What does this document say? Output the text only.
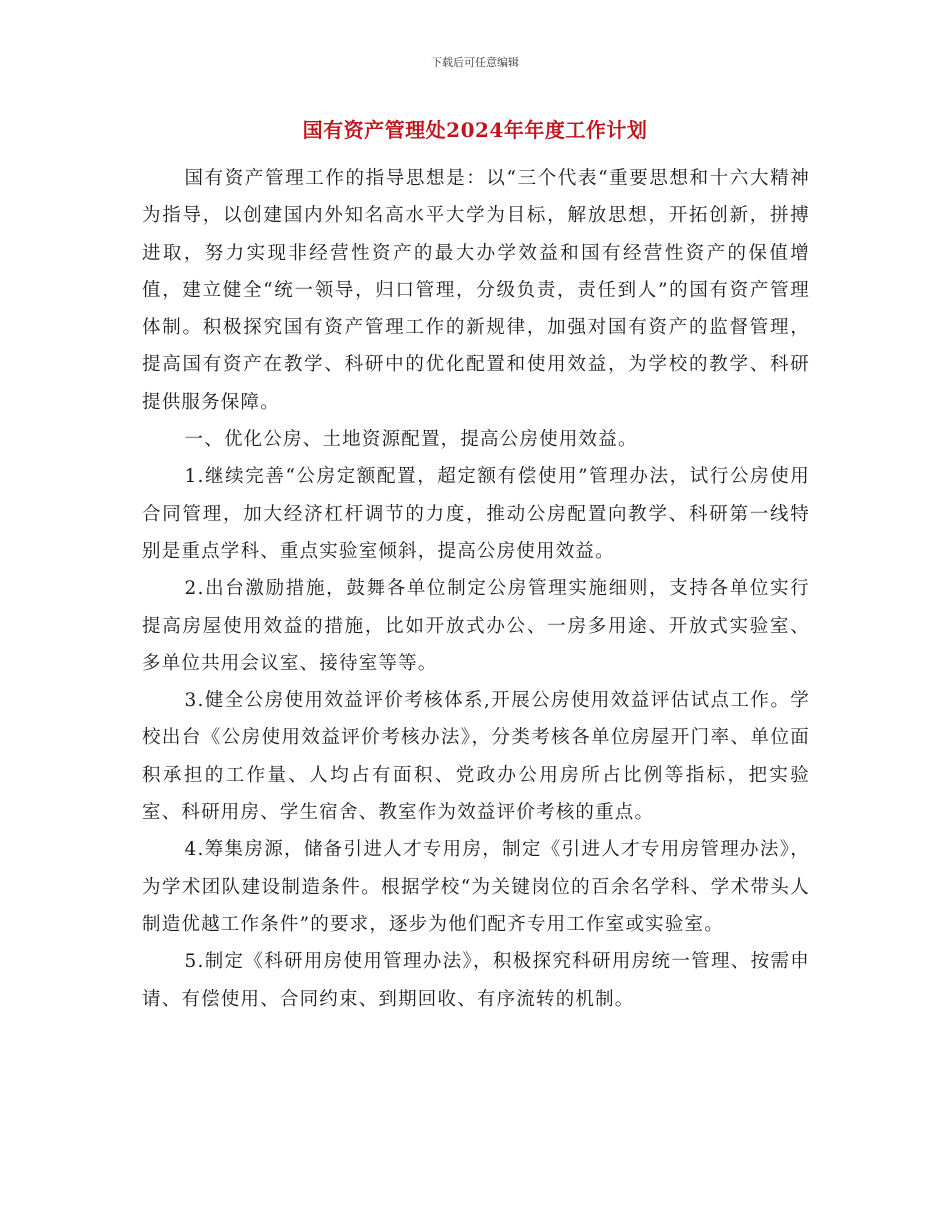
下载后可任意编辑
国有资产管理处2024年年度工作计划

国有资产管理工作的指导思想是：以“三个代表“重要思想和十六大精神为指导，以创建国内外知名高水平大学为目标，解放思想，开拓创新，拼搏进取，努力实现非经营性资产的最大办学效益和国有经营性资产的保值增值，建立健全“统一领导，归口管理，分级负责，责任到人”的国有资产管理体制。积极探究国有资产管理工作的新规律，加强对国有资产的监督管理，提高国有资产在教学、科研中的优化配置和使用效益，为学校的教学、科研提供服务保障。

一、优化公房、土地资源配置，提高公房使用效益。

1.继续完善“公房定额配置，超定额有偿使用”管理办法，试行公房使用合同管理，加大经济杠杆调节的力度，推动公房配置向教学、科研第一线特别是重点学科、重点实验室倾斜，提高公房使用效益。

2.出台激励措施，鼓舞各单位制定公房管理实施细则，支持各单位实行提高房屋使用效益的措施，比如开放式办公、一房多用途、开放式实验室、多单位共用会议室、接待室等等。

3.健全公房使用效益评价考核体系,开展公房使用效益评估试点工作。学校出台《公房使用效益评价考核办法》，分类考核各单位房屋开门率、单位面积承担的工作量、人均占有面积、党政办公用房所占比例等指标，把实验室、科研用房、学生宿舍、教室作为效益评价考核的重点。

4.筹集房源，储备引进人才专用房，制定《引进人才专用房管理办法》，为学术团队建设制造条件。根据学校“为关键岗位的百余名学科、学术带头人制造优越工作条件”的要求，逐步为他们配齐专用工作室或实验室。

5.制定《科研用房使用管理办法》，积极探究科研用房统一管理、按需申请、有偿使用、合同约束、到期回收、有序流转的机制。
